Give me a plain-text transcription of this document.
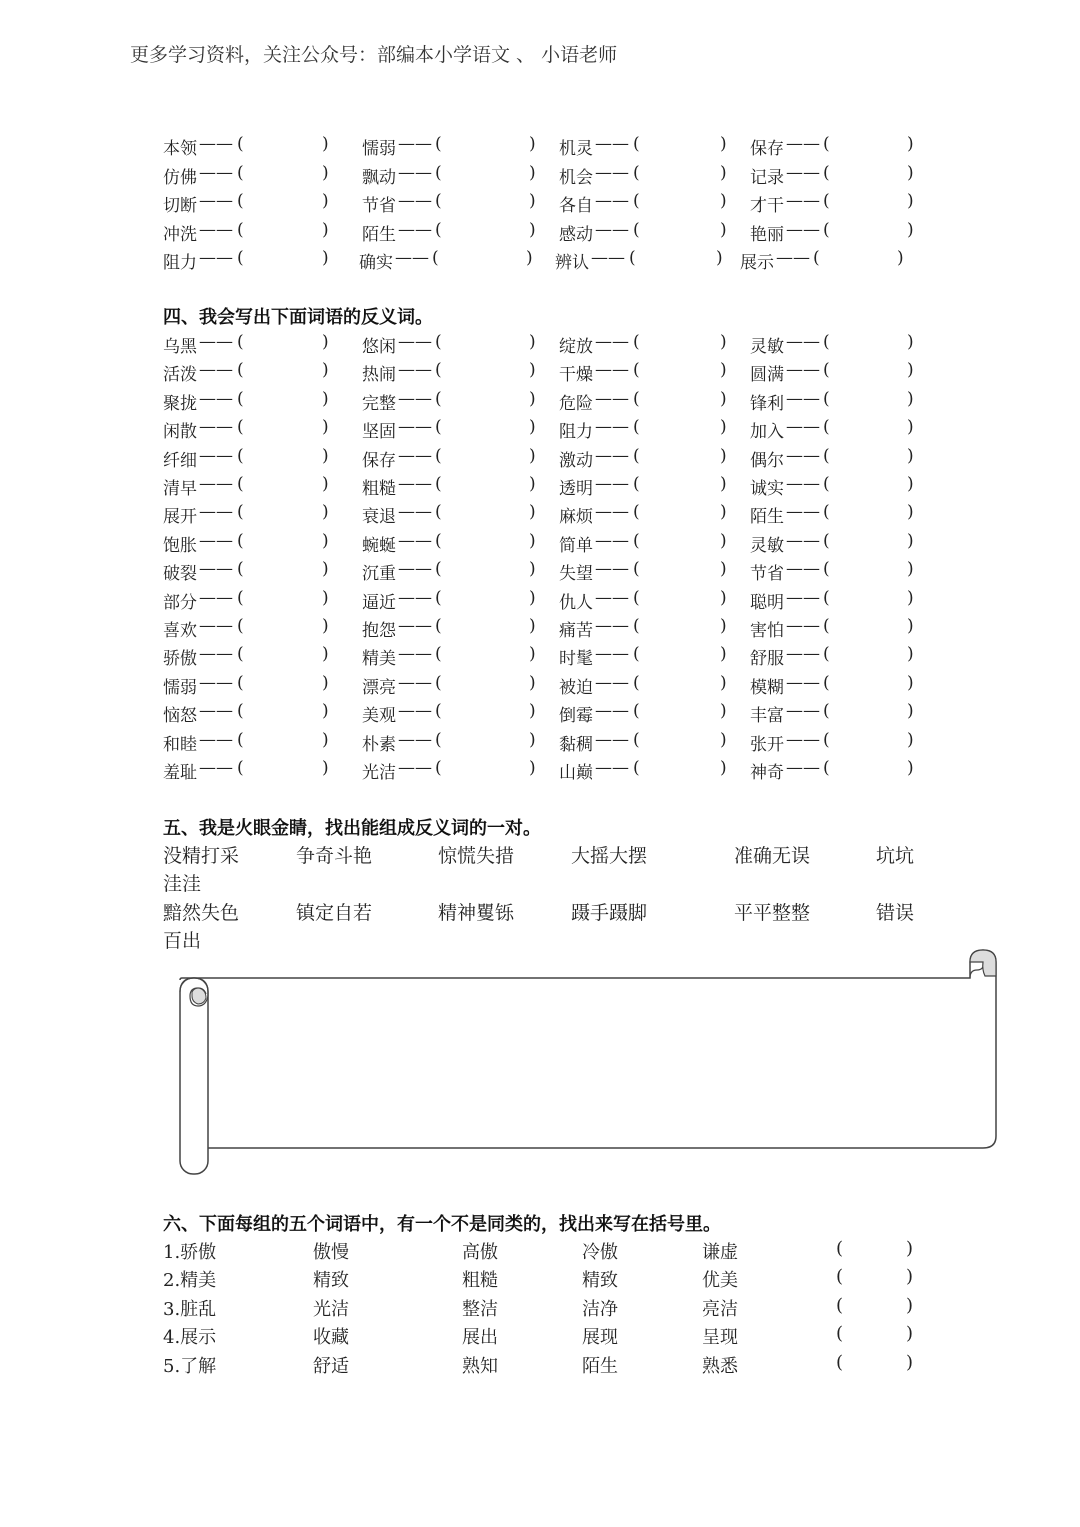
更多学习资料，关注公众号：部编本小学语文 、 小语老师
本领 —— (	) 懦弱 —— (	) 机灵 —— (	) 保存 —— (	)
仿佛 —— (	) 飘动 —— (	) 机会 —— (	) 记录 —— (	)
切断 —— (	) 节省 —— (	) 各自 —— (	) 才干 —— (	)
冲洗 —— (	) 陌生 —— (	) 感动 —— (	) 艳丽 —— (	)
阻力 —— (	) 确实 —— (	) 辨认 —— (	) 展示 —— (	)
四、我会写出下面词语的反义词。
乌黑 —— (	) 悠闲 —— (	) 绽放 —— (	) 灵敏 —— (	)
活泼 —— (	) 热闹 —— (	) 干燥 —— (	) 圆满 —— (	)
聚拢 —— (	) 完整 —— (	) 危险 —— (	) 锋利 —— (	)
闲散 —— (	) 坚固 —— (	) 阻力 —— (	) 加入 —— (	)
纤细 —— (	) 保存 —— (	) 激动 —— (	) 偶尔 —— (	)
清早 —— (	) 粗糙 —— (	) 透明 —— (	) 诚实 —— (	)
展开 —— (	) 衰退 —— (	) 麻烦 —— (	) 陌生 —— (	)
饱胀 —— (	) 蜿蜒 —— (	) 简单 —— (	) 灵敏 —— (	)
破裂 —— (	) 沉重 —— (	) 失望 —— (	) 节省 —— (	)
部分 —— (	) 逼近 —— (	) 仇人 —— (	) 聪明 —— (	)
喜欢 —— (	) 抱怨 —— (	) 痛苦 —— (	) 害怕 —— (	)
骄傲 —— (	) 精美 —— (	) 时髦 —— (	) 舒服 —— (	)
懦弱 —— (	) 漂亮 —— (	) 被迫 —— (	) 模糊 —— (	)
恼怒 —— (	) 美观 —— (	) 倒霉 —— (	) 丰富 —— (	)
和睦 —— (	) 朴素 —— (	) 黏稠 —— (	) 张开 —— (	)
羞耻 —— (	) 光洁 —— (	) 山巅 —— (	) 神奇 —— (	)
五、我是火眼金睛，找出能组成反义词的一对。
没精打采	争奇斗艳	惊慌失措	大摇大摆	准确无误	坑坑
洼洼
黯然失色	镇定自若	精神矍铄	蹑手蹑脚	平平整整	错误
百出
六、下面每组的五个词语中，有一个不是同类的，找出来写在括号里。
1.骄傲	傲慢	高傲	冷傲	谦虚	(	)
2.精美	精致	粗糙	精致	优美	(	)
3.脏乱	光洁	整洁	洁净	亮洁	(	)
4.展示	收藏	展出	展现	呈现	(	)
5.了解	舒适	熟知	陌生	熟悉	(	)
